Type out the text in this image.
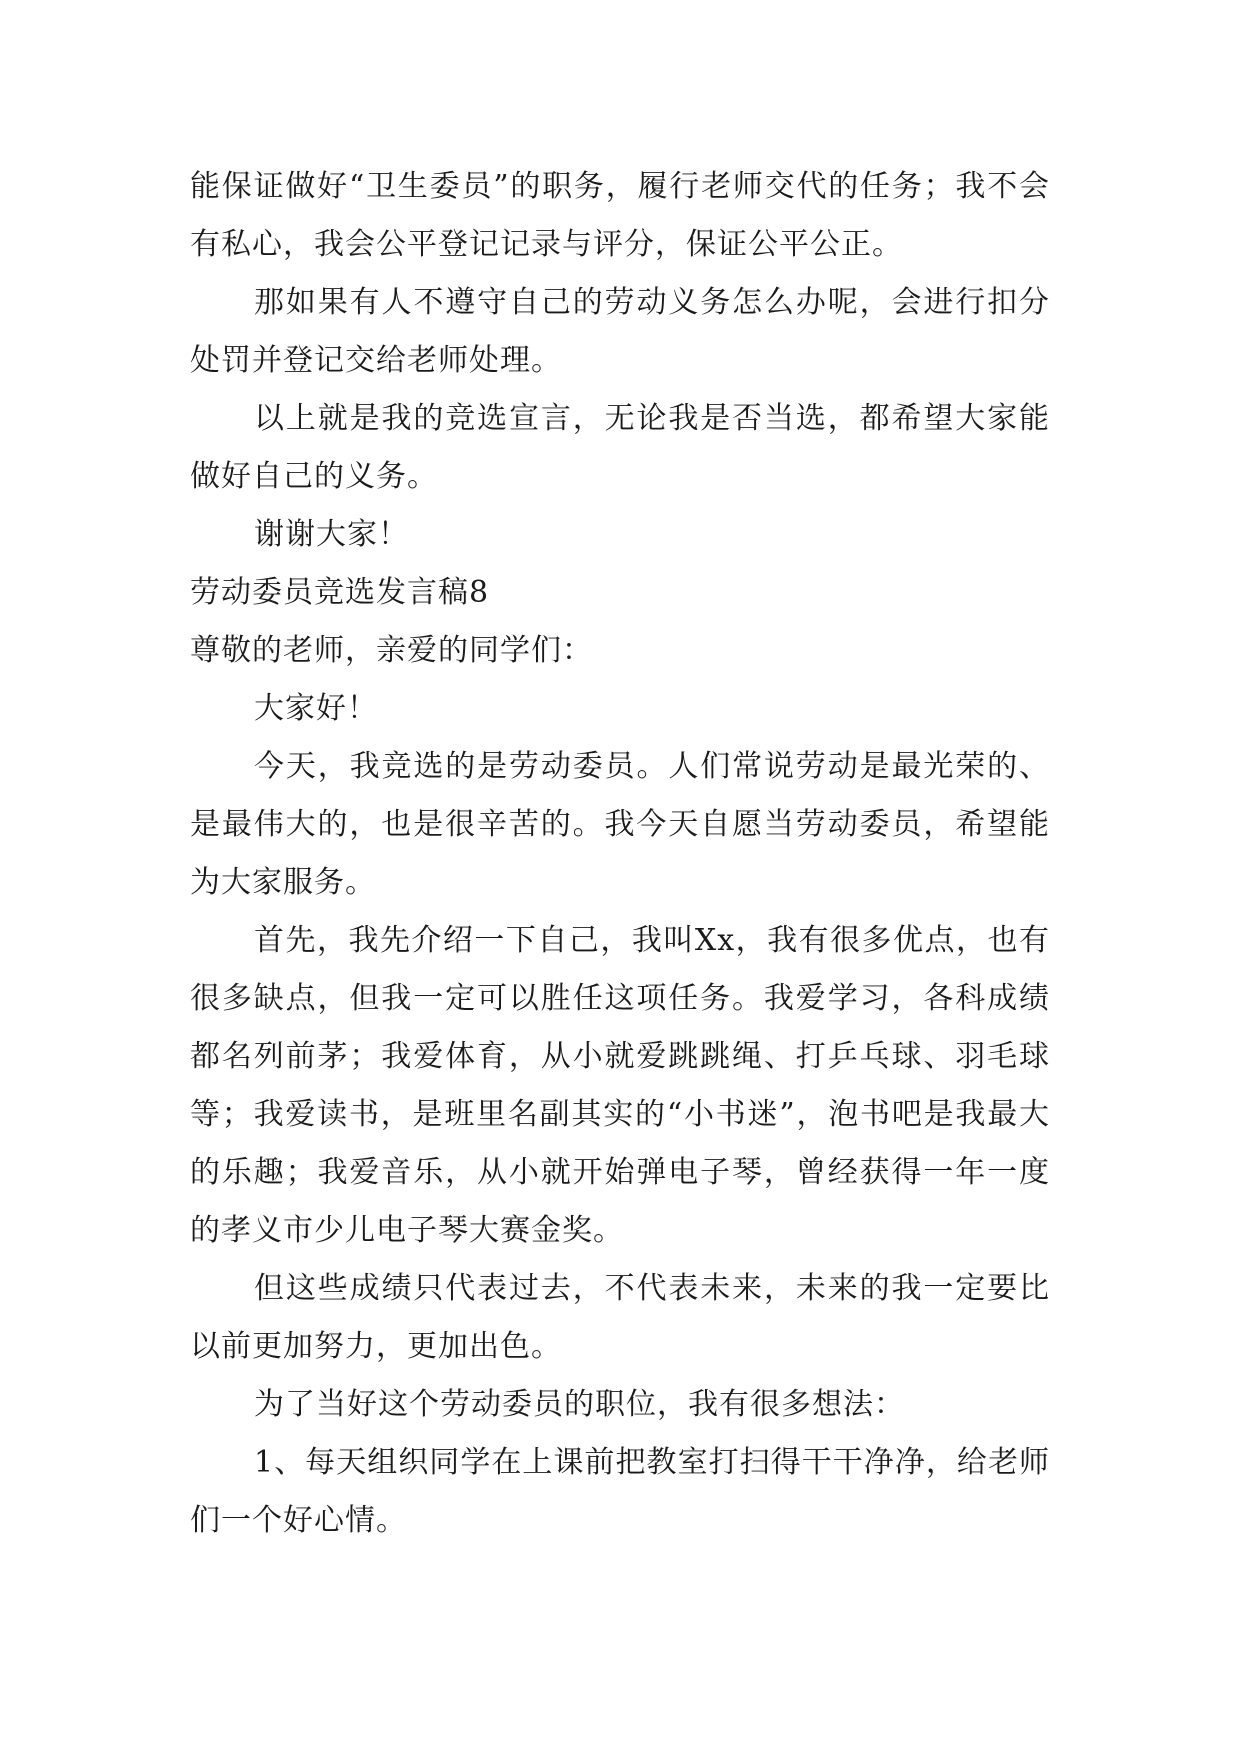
能保证做好“卫生委员”的职务，履行老师交代的任务；我不会有私心，我会公平登记记录与评分，保证公平公正。

那如果有人不遵守自己的劳动义务怎么办呢，会进行扣分处罚并登记交给老师处理。

以上就是我的竞选宣言，无论我是否当选，都希望大家能做好自己的义务。

谢谢大家！

劳动委员竞选发言稿8

尊敬的老师，亲爱的同学们：

大家好！

今天，我竞选的是劳动委员。人们常说劳动是最光荣的、是最伟大的，也是很辛苦的。我今天自愿当劳动委员，希望能为大家服务。

首先，我先介绍一下自己，我叫Xx，我有很多优点，也有很多缺点，但我一定可以胜任这项任务。我爱学习，各科成绩都名列前茅；我爱体育，从小就爱跳跳绳、打乒乓球、羽毛球等；我爱读书，是班里名副其实的“小书迷”，泡书吧是我最大的乐趣；我爱音乐，从小就开始弹电子琴，曾经获得一年一度的孝义市少儿电子琴大赛金奖。

但这些成绩只代表过去，不代表未来，未来的我一定要比以前更加努力，更加出色。

为了当好这个劳动委员的职位，我有很多想法：

1、每天组织同学在上课前把教室打扫得干干净净，给老师们一个好心情。
